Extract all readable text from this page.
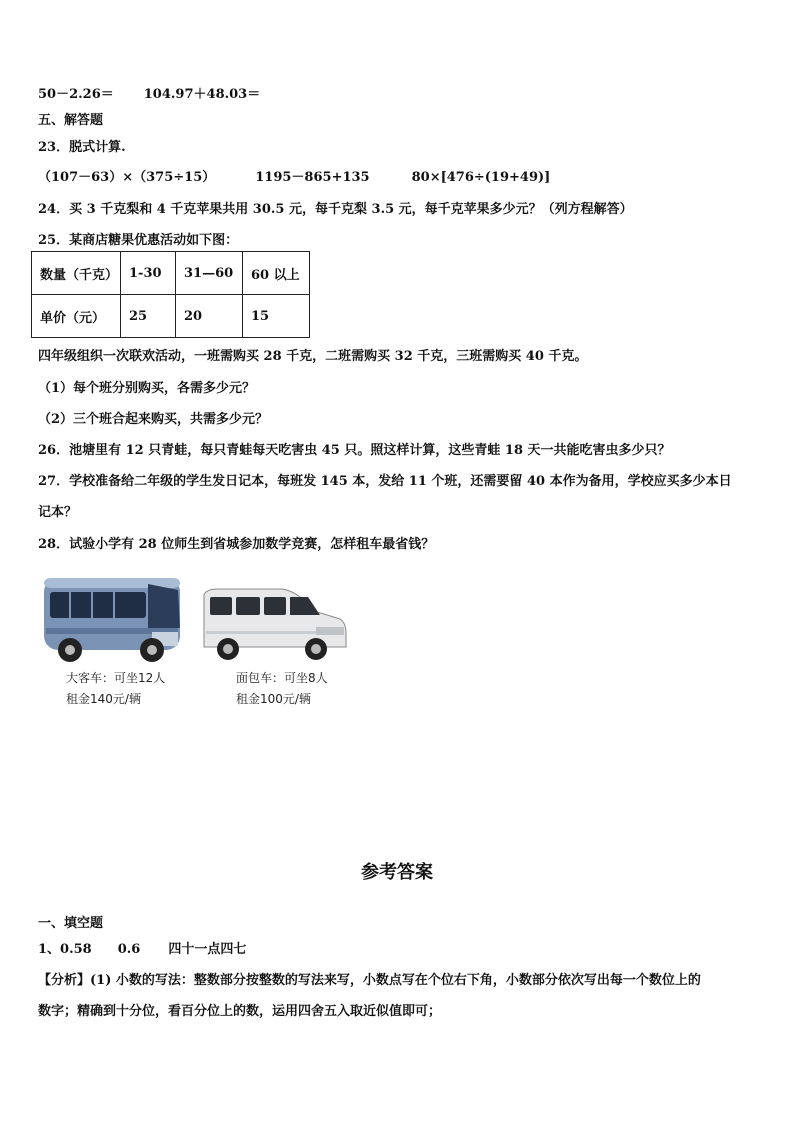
50－2.26＝ 104.97＋48.03＝
五、解答题
23．脱式计算.
（107－63）×（375÷15）	1195－865+135	80×[476÷(19+49)]
24．买 3 千克梨和 4 千克苹果共用 30.5 元，每千克梨 3.5 元，每千克苹果多少元？（列方程解答）
25．某商店糖果优惠活动如下图：
数量（千克）	1-30	31—60	60 以上
单价（元）	25	20	15
四年级组织一次联欢活动，一班需购买 28 千克，二班需购买 32 千克，三班需购买 40 千克。
（1）每个班分别购买，各需多少元？
（2）三个班合起来购买，共需多少元？
26．池塘里有 12 只青蛙，每只青蛙每天吃害虫 45 只。照这样计算，这些青蛙 18 天一共能吃害虫多少只？
27．学校准备给二年级的学生发日记本，每班发 145 本，发给 11 个班，还需要留 40 本作为备用，学校应买多少本日
记本？
28．试验小学有 28 位师生到省城参加数学竞赛，怎样租车最省钱？
大客车：可坐12人
租金140元/辆
面包车：可坐8人
租金100元/辆
参考答案
一、填空题
1、0.58 0.6 四十一点四七
【分析】(1) 小数的写法：整数部分按整数的写法来写，小数点写在个位右下角，小数部分依次写出每一个数位上的
数字；精确到十分位，看百分位上的数，运用四舍五入取近似值即可；
